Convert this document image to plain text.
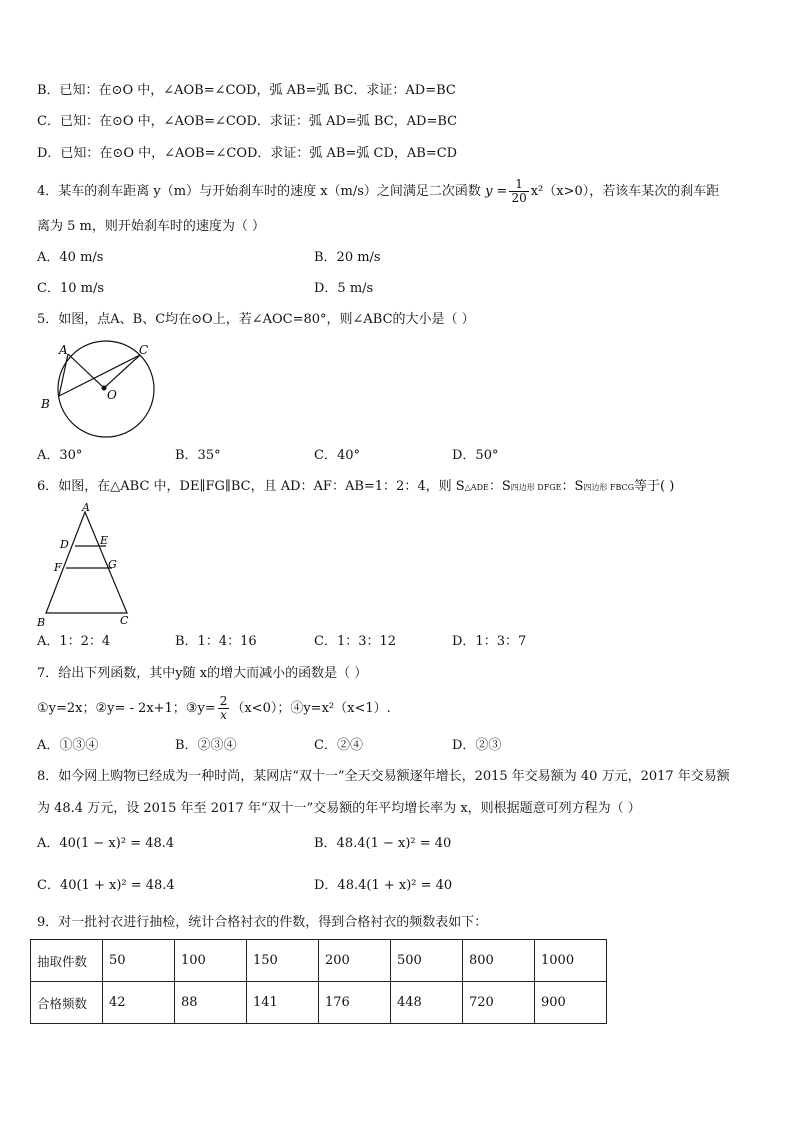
B．已知：在⊙O 中，∠AOB=∠COD，弧 AB=弧 BC．求证：AD=BC
C．已知：在⊙O 中，∠AOB=∠COD．求证：弧 AD=弧 BC，AD=BC
D．已知：在⊙O 中，∠AOB=∠COD．求证：弧 AB=弧 CD，AB=CD
4．某车的刹车距离 y（m）与开始刹车时的速度 x（m/s）之间满足二次函数 $y = \frac{1}{20} x^2(x>0)$，若该车某次的刹车距
离为 5 m，则开始刹车时的速度为（ ）
A．40 m/s	B．20 m/s
C．10 m/s	D．5 m/s
5．如图，点A、B、C均在⊙O上，若∠AOC=80°，则∠ABC的大小是（ ）
A
B
C
O
A．30°	B．35°	C．40°	D．50°
6．如图，在△ABC 中，DE∥FG∥BC，且 AD：AF：AB=1：2：4，则 S△ADE：S四边形 DFGE：S四边形 FBCG等于( )
A
D	E
F	G
B	C
A．1：2：4	B．1：4：16	C．1：3：12	D．1：3：7
7．给出下列函数，其中y随 x的增大而减小的函数是（ ）
①y=2x；②y= - 2x+1；③y= $\frac{2}{x} (x<0)$；④y=x²（x<1）.
A．①③④	B．②③④	C．②④	D．②③
8．如今网上购物已经成为一种时尚，某网店“双十一”全天交易额逐年增长，2015 年交易额为 40 万元，2017 年交易额
为 48.4 万元，设 2015 年至 2017 年“双十一”交易额的年平均增长率为 x，则根据题意可列方程为（ ）
A．40(1 − x)² = 48.4	B．48.4(1 − x)² = 40
C．40(1 + x)² = 48.4	D．48.4(1 + x)² = 40
9．对一批衬衣进行抽检，统计合格衬衣的件数，得到合格衬衣的频数表如下：
抽取件数	50	100	150	200	500	800	1000
合格频数	42	88	141	176	448	720	900
